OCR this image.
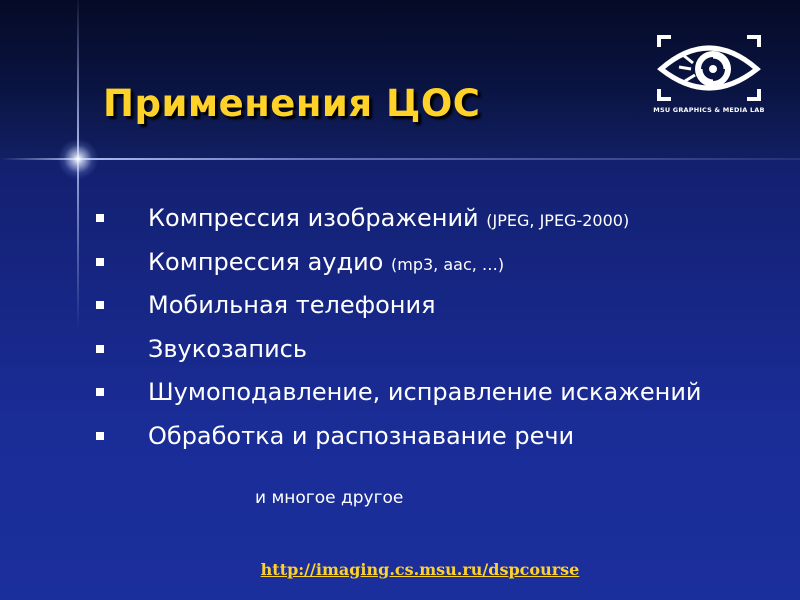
Применения ЦОС	MSU GRAPHICS & MEDIA LAB
Компрессия изображений (JPEG, JPEG-2000)
Компрессия аудио (mp3, aac, …)
Мобильная телефония
Звукозапись
Шумоподавление, исправление искажений
Обработка и распознавание речи
и многое другое
http://imaging.cs.msu.ru/dspcourse
